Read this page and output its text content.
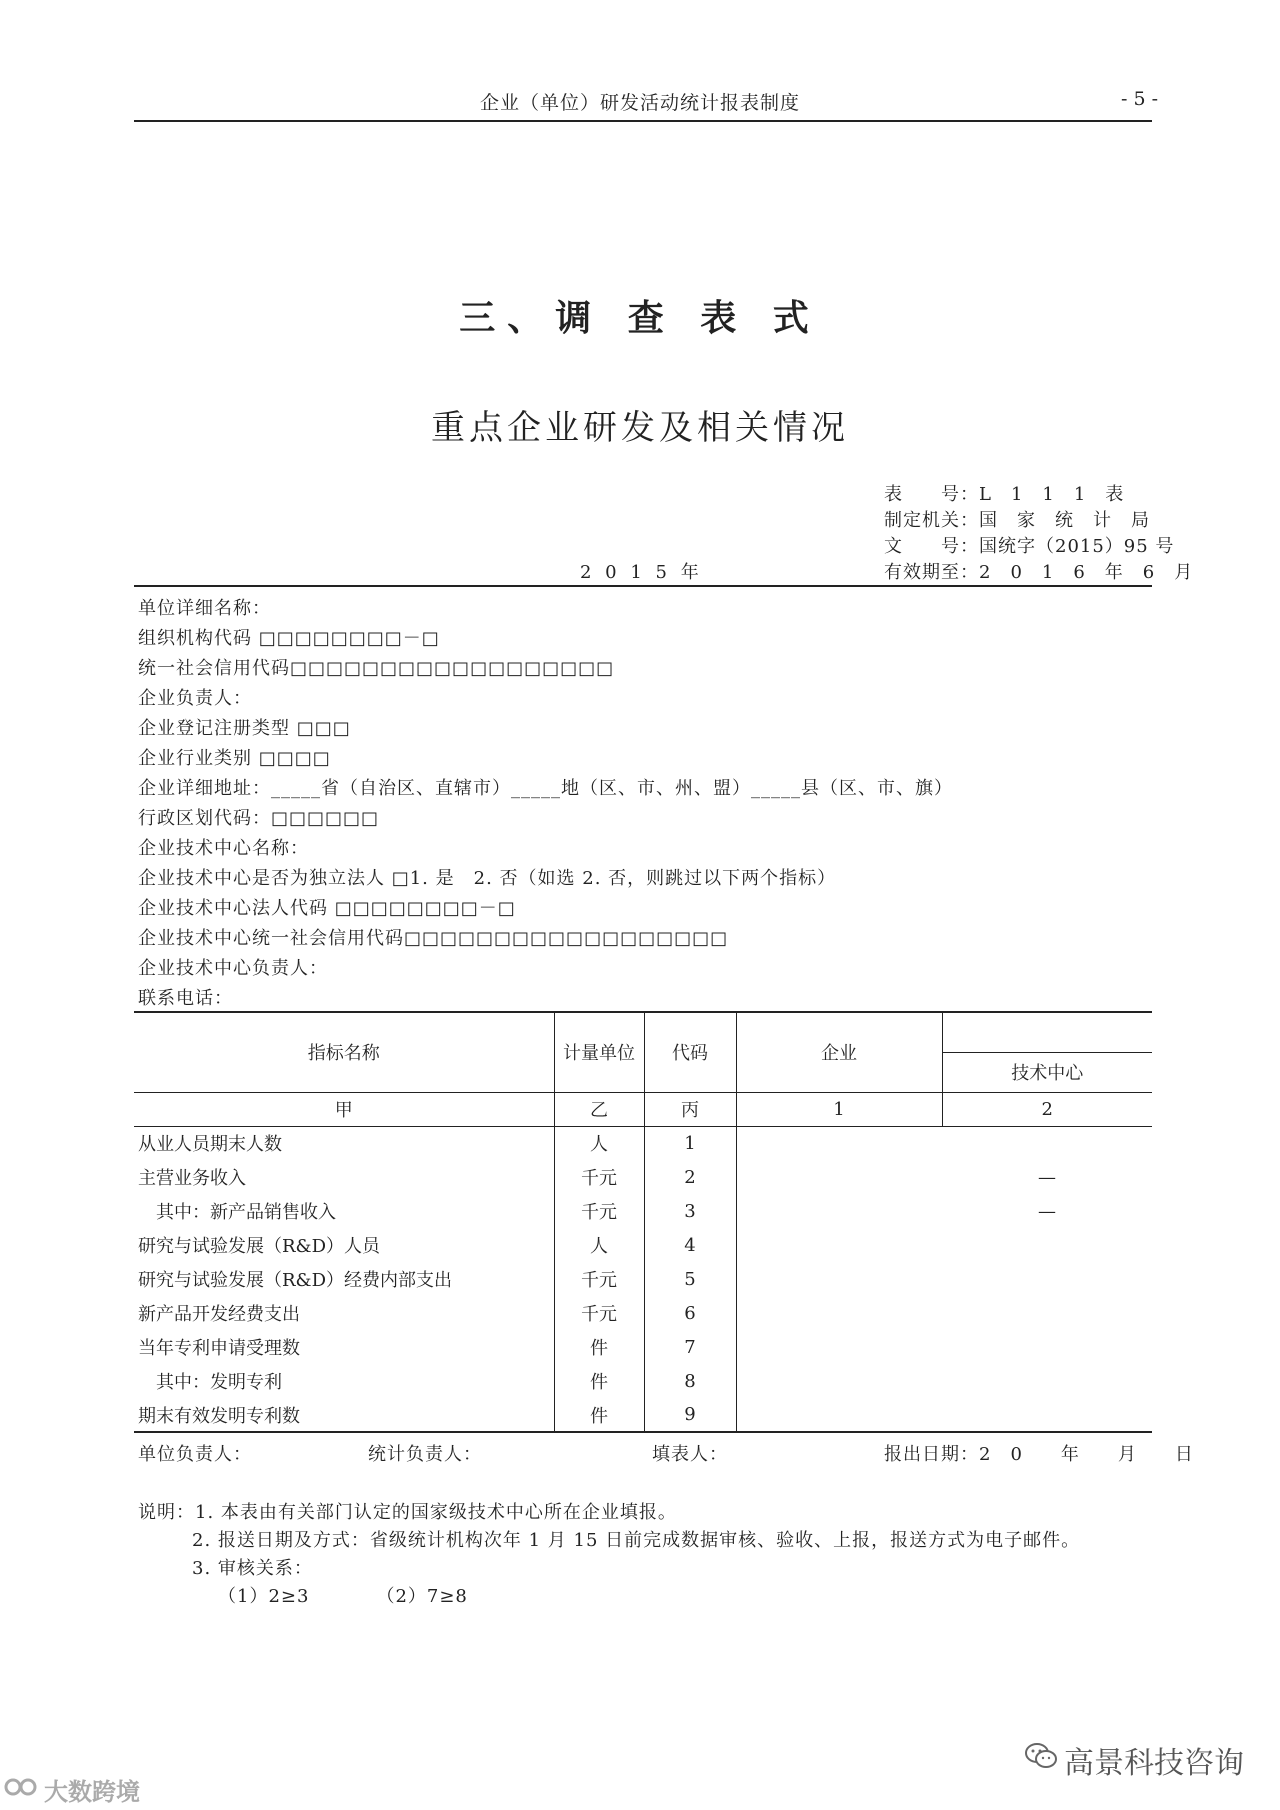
企业（单位）研发活动统计报表制度	- 5 -
三、调 查 表 式
重点企业研发及相关情况
表　　号：L　1　1　1　表
制定机关：国　家　统　计　局
文　　号：国统字（2015）95 号
有效期至：2　0　1　6　年　6　月
2 0 1 5 年
单位详细名称：
组织机构代码 □□□□□□□□－□
统一社会信用代码□□□□□□□□□□□□□□□□□□
企业负责人：
企业登记注册类型 □□□
企业行业类别 □□□□
企业详细地址：_____省（自治区、直辖市）_____地（区、市、州、盟）_____县（区、市、旗）
行政区划代码：□□□□□□
企业技术中心名称：
企业技术中心是否为独立法人 □1. 是　2. 否（如选 2. 否，则跳过以下两个指标）
企业技术中心法人代码 □□□□□□□□－□
企业技术中心统一社会信用代码□□□□□□□□□□□□□□□□□□
企业技术中心负责人：
联系电话：
指标名称	计量单位	代码	企业	
				技术中心
甲	乙	丙	1	2
从业人员期末人数	人	1		
主营业务收入	千元	2		—
其中：新产品销售收入	千元	3		—
研究与试验发展（R&D）人员	人	4		
研究与试验发展（R&D）经费内部支出	千元	5		
新产品开发经费支出	千元	6		
当年专利申请受理数	件	7		
其中：发明专利	件	8		
期末有效发明专利数	件	9		
单位负责人：	统计负责人：	填表人：	报出日期：2　0　　年　　月　　日
说明：1. 本表由有关部门认定的国家级技术中心所在企业填报。
2. 报送日期及方式：省级统计机构次年 1 月 15 日前完成数据审核、验收、上报，报送方式为电子邮件。
3. 审核关系：
（1）2≥3　　　　（2）7≥8
高景科技咨询
大数跨境
